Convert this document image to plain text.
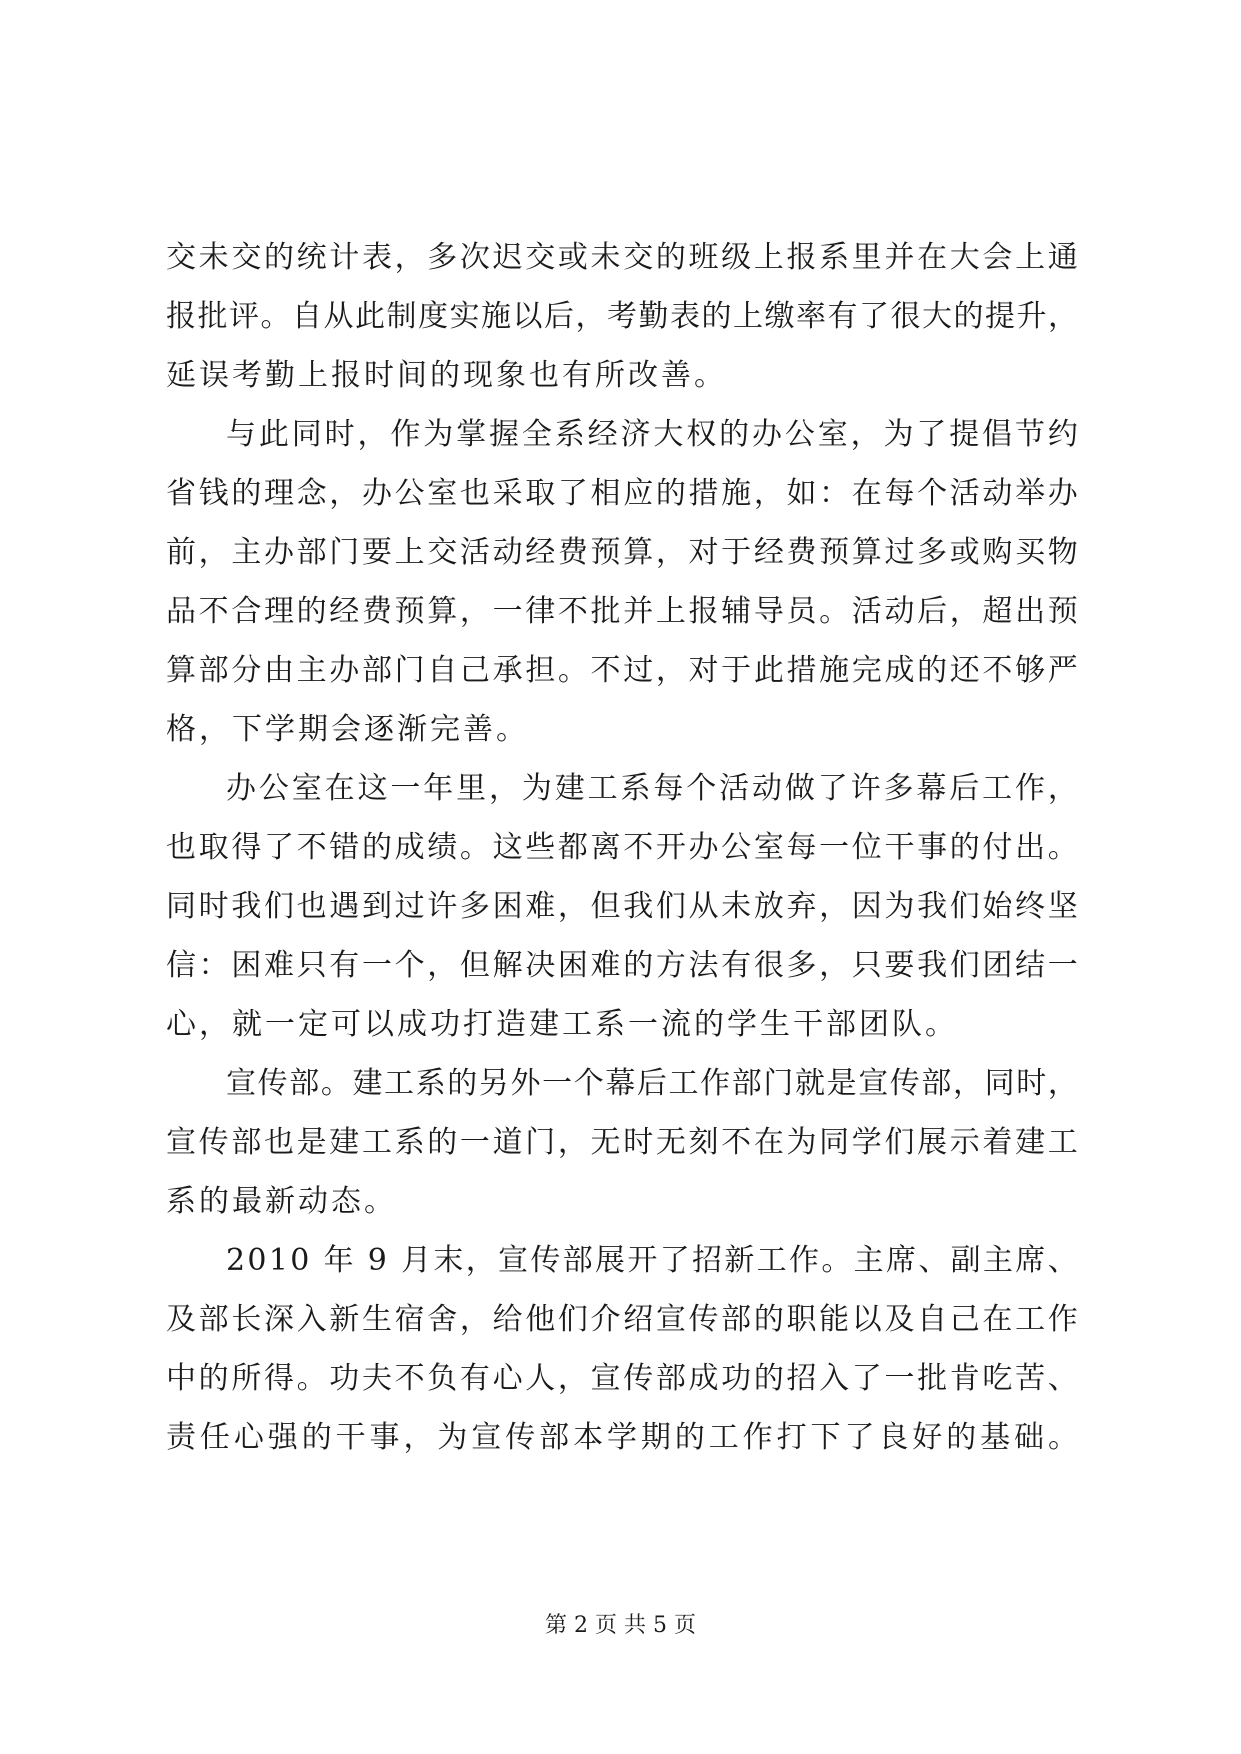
交 未 交 的 统 计 表 ， 多 次 迟 交 或 未 交 的 班 级 上 报 系 里 并 在 大 会 上 通
报 批 评 。 自 从 此 制 度 实 施 以 后 ， 考 勤 表 的 上 缴 率 有 了 很 大 的 提 升 ，
延误考勤上报时间的现象也有所改善。
与 此 同 时 ， 作 为 掌 握 全 系 经 济 大 权 的 办 公 室 ， 为 了 提 倡 节 约
省 钱 的 理 念 ， 办 公 室 也 采 取 了 相 应 的 措 施 ， 如 ： 在 每 个 活 动 举 办
前 ， 主 办 部 门 要 上 交 活 动 经 费 预 算 ， 对 于 经 费 预 算 过 多 或 购 买 物
品 不 合 理 的 经 费 预 算 ， 一 律 不 批 并 上 报 辅 导 员 。 活 动 后 ， 超 出 预
算 部 分 由 主 办 部 门 自 己 承 担 。 不 过 ， 对 于 此 措 施 完 成 的 还 不 够 严
格，下学期会逐渐完善。
办 公 室 在 这 一 年 里 ， 为 建 工 系 每 个 活 动 做 了 许 多 幕 后 工 作 ，
也 取 得 了 不 错 的 成 绩 。 这 些 都 离 不 开 办 公 室 每 一 位 干 事 的 付 出 。
同 时 我 们 也 遇 到 过 许 多 困 难 ， 但 我 们 从 未 放 弃 ， 因 为 我 们 始 终 坚
信 ： 困 难 只 有 一 个 ， 但 解 决 困 难 的 方 法 有 很 多 ， 只 要 我 们 团 结 一
心，就一定可以成功打造建工系一流的学生干部团队。
宣 传 部 。 建 工 系 的 另 外 一 个 幕 后 工 作 部 门 就 是 宣 传 部 ， 同 时 ，
宣 传 部 也 是 建 工 系 的 一 道 门 ， 无 时 无 刻 不 在 为 同 学 们 展 示 着 建 工
系的最新动态。
2 0 1 0
年
9
月 末 ， 宣 传 部 展 开 了 招 新 工 作 。 主 席 、 副 主 席 、
及 部 长 深 入 新 生 宿 舍 ， 给 他 们 介 绍 宣 传 部 的 职 能 以 及 自 己 在 工 作
中 的 所 得 。 功 夫 不 负 有 心 人 ， 宣 传 部 成 功 的 招 入 了 一 批 肯 吃 苦 、
责 任 心 强 的 干 事 ， 为 宣 传 部 本 学 期 的 工 作 打 下 了 良 好 的 基 础 。
第 2 页 共 5 页
